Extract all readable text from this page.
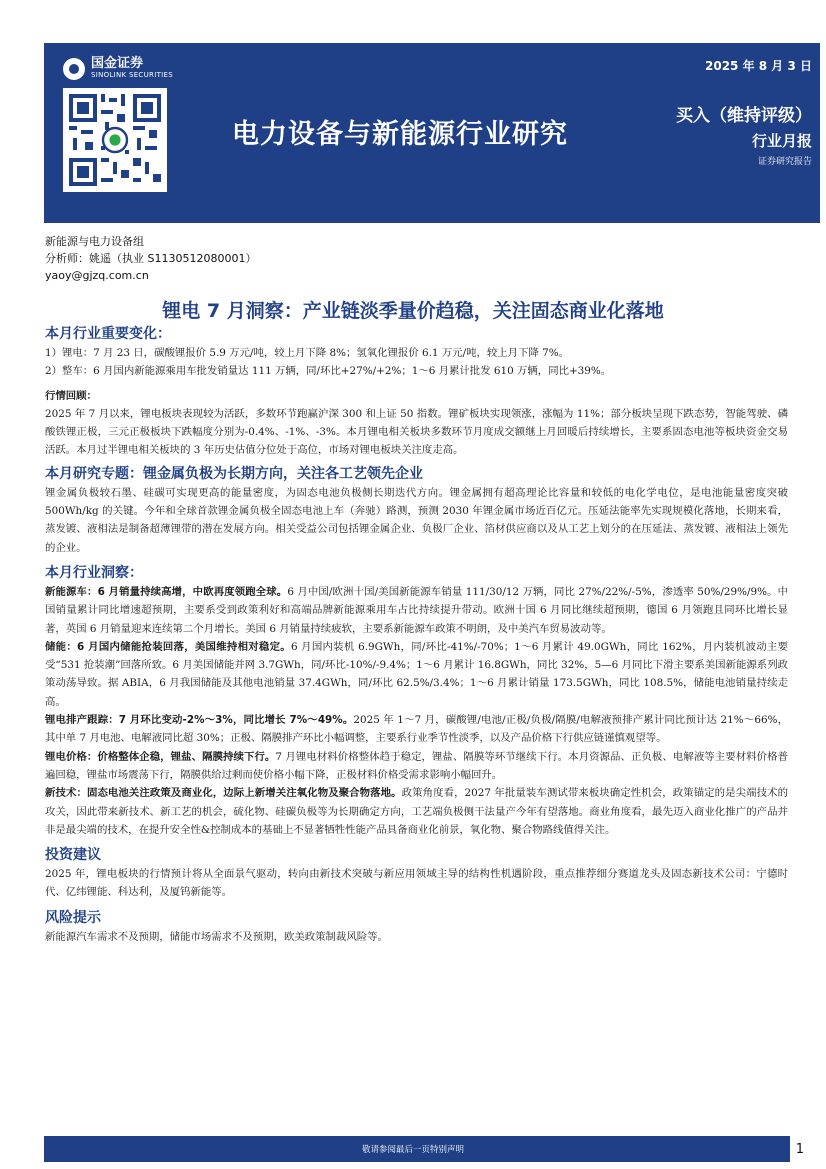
国金证券
SINOLINK SECURITIES
2025 年 8 月 3 日
电力设备与新能源行业研究
买入（维持评级）
行业月报
证券研究报告
新能源与电力设备组
分析师：姚遥（执业 S1130512080001）
yaoy@gjzq.com.cn
锂电 7 月洞察：产业链淡季量价趋稳，关注固态商业化落地

本月行业重要变化：

1）锂电：7 月 23 日，碳酸锂报价 5.9 万元/吨，较上月下降 8%；氢氧化锂报价 6.1 万元/吨，较上月下降 7%。

2）整车：6 月国内新能源乘用车批发销量达 111 万辆，同/环比+27%/+2%；1～6 月累计批发 610 万辆，同比+39%。

行情回顾：

2025 年 7 月以来，锂电板块表现较为活跃，多数环节跑赢沪深 300 和上证 50 指数。锂矿板块实现领涨，涨幅为 11%；部分板块呈现下跌态势，智能驾驶、磷酸铁锂正极，三元正极板块下跌幅度分别为-0.4%、-1%、-3%。本月锂电相关板块多数环节月度成交额继上月回暖后持续增长，主要系固态电池等板块资金交易活跃。本月过半锂电相关板块的 3 年历史估值分位处于高位，市场对锂电板块关注度走高。

本月研究专题：锂金属负极为长期方向，关注各工艺领先企业

锂金属负极较石墨、硅碳可实现更高的能量密度，为固态电池负极侧长期迭代方向。锂金属拥有超高理论比容量和较低的电化学电位，是电池能量密度突破 500Wh/kg 的关键。今年和全球首款锂金属负极全固态电池上车（奔驰）路测，预测 2030 年锂金属市场近百亿元。压延法能率先实现规模化落地，长期来看，蒸发镀、液相法是制备超薄锂带的潜在发展方向。相关受益公司包括锂金属企业、负极厂企业、箔材供应商以及从工艺上划分的在压延法、蒸发镀、液相法上领先的企业。

本月行业洞察：

新能源车：6 月销量持续高增，中欧再度领跑全球。6 月中国/欧洲十国/美国新能源车销量 111/30/12 万辆，同比 27%/22%/-5%，渗透率 50%/29%/9%。中国销量累计同比增速超预期，主要系受到政策利好和高端品牌新能源乘用车占比持续提升带动。欧洲十国 6 月同比继续超预期，德国 6 月领跑且同环比增长显著，英国 6 月销量迎来连续第二个月增长。美国 6 月销量持续疲软，主要系新能源车政策不明朗，及中美汽车贸易波动等。

储能：6 月国内储能抢装回落，美国维持相对稳定。6 月国内装机 6.9GWh，同/环比-41%/-70%；1～6 月累计 49.0GWh，同比 162%，月内装机波动主要受“531 抢装潮”回落所致。6 月美国储能并网 3.7GWh，同/环比-10%/-9.4%；1～6 月累计 16.8GWh，同比 32%，5—6 月同比下滑主要系美国新能源系列政策动荡导致。据 ABIA，6 月我国储能及其他电池销量 37.4GWh，同/环比 62.5%/3.4%；1～6 月累计销量 173.5GWh，同比 108.5%，储能电池销量持续走高。

锂电排产跟踪：7 月环比变动-2%～3%，同比增长 7%～49%。2025 年 1～7 月，碳酸锂/电池/正极/负极/隔膜/电解液预排产累计同比预计达 21%～66%，其中单 7 月电池、电解液同比超 30%；正极、隔膜排产环比小幅调整，主要系行业季节性淡季，以及产品价格下行供应链谨慎观望等。

锂电价格：价格整体企稳，锂盐、隔膜持续下行。7 月锂电材料价格整体趋于稳定，锂盐、隔膜等环节继续下行。本月资源品、正负极、电解液等主要材料价格普遍回稳，锂盐市场震荡下行，隔膜供给过剩而使价格小幅下降，正极材料价格受需求影响小幅回升。

新技术：固态电池关注政策及商业化，边际上新增关注氧化物及聚合物落地。政策角度看，2027 年批量装车测试带来板块确定性机会，政策锚定的是尖端技术的攻关，因此带来新技术、新工艺的机会，硫化物、硅碳负极等为长期确定方向，工艺端负极侧干法量产今年有望落地。商业角度看，最先迈入商业化推广的产品并非是最尖端的技术，在提升安全性&控制成本的基础上不显著牺牲性能产品具备商业化前景，氧化物、聚合物路线值得关注。

投资建议

2025 年，锂电板块的行情预计将从全面景气驱动，转向由新技术突破与新应用领域主导的结构性机遇阶段，重点推荐细分赛道龙头及固态新技术公司：宁德时代、亿纬锂能、科达利，及厦钨新能等。

风险提示

新能源汽车需求不及预期，储能市场需求不及预期，欧美政策制裁风险等。

敬请参阅最后一页特别声明	1
